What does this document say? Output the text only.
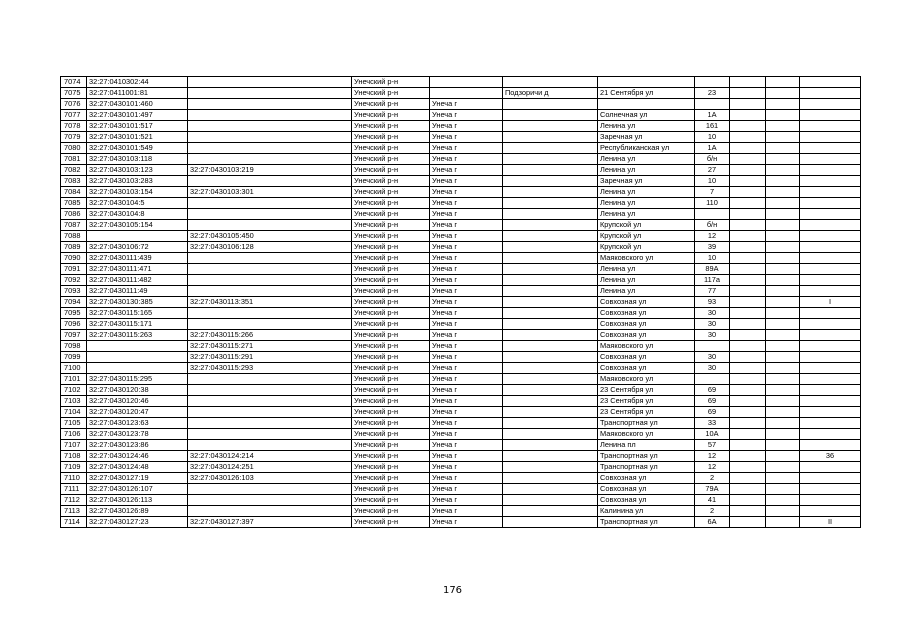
7074	32:27:0410302:44		Унечский р-н							
7075	32:27:0411001:81		Унечский р-н		Подзоричи д	21 Сентября ул	23			
7076	32:27:0430101:460		Унечский р-н	Унеча г						
7077	32:27:0430101:497		Унечский р-н	Унеча г		Солнечная ул	1А			
7078	32:27:0430101:517		Унечский р-н	Унеча г		Ленина ул	161			
7079	32:27:0430101:521		Унечский р-н	Унеча г		Заречная ул	10			
7080	32:27:0430101:549		Унечский р-н	Унеча г		Республиканская ул	1А			
7081	32:27:0430103:118		Унечский р-н	Унеча г		Ленина ул	б/н			
7082	32:27:0430103:123	32:27:0430103:219	Унечский р-н	Унеча г		Ленина ул	27			
7083	32:27:0430103:283		Унечский р-н	Унеча г		Заречная ул	10			
7084	32:27:0430103:154	32:27:0430103:301	Унечский р-н	Унеча г		Ленина ул	7			
7085	32:27:0430104:5		Унечский р-н	Унеча г		Ленина ул	110			
7086	32:27:0430104:8		Унечский р-н	Унеча г		Ленина ул				
7087	32:27:0430105:154		Унечский р-н	Унеча г		Крупской ул	б/н			
7088		32:27:0430105:450	Унечский р-н	Унеча г		Крупской ул	12			
7089	32:27:0430106:72	32:27:0430106:128	Унечский р-н	Унеча г		Крупской ул	39			
7090	32:27:0430111:439		Унечский р-н	Унеча г		Маяковского ул	10			
7091	32:27:0430111:471		Унечский р-н	Унеча г		Ленина ул	89А			
7092	32:27:0430111:482		Унечский р-н	Унеча г		Ленина ул	117а			
7093	32:27:0430111:49		Унечский р-н	Унеча г		Ленина ул	77			
7094	32:27:0430130:385	32:27:0430113:351	Унечский р-н	Унеча г		Совхозная ул	93			I
7095	32:27:0430115:165		Унечский р-н	Унеча г		Совхозная ул	30			
7096	32:27:0430115:171		Унечский р-н	Унеча г		Совхозная ул	30			
7097	32:27:0430115:263	32:27:0430115:266	Унечский р-н	Унеча г		Совхозная ул	30			
7098		32:27:0430115:271	Унечский р-н	Унеча г		Маяковского ул				
7099		32:27:0430115:291	Унечский р-н	Унеча г		Совхозная ул	30			
7100		32:27:0430115:293	Унечский р-н	Унеча г		Совхозная ул	30			
7101	32:27:0430115:295		Унечский р-н	Унеча г		Маяковского ул				
7102	32:27:0430120:38		Унечский р-н	Унеча г		23 Сентября ул	69			
7103	32:27:0430120:46		Унечский р-н	Унеча г		23 Сентября ул	69			
7104	32:27:0430120:47		Унечский р-н	Унеча г		23 Сентября ул	69			
7105	32:27:0430123:63		Унечский р-н	Унеча г		Транспортная ул	33			
7106	32:27:0430123:78		Унечский р-н	Унеча г		Маяковского ул	10А			
7107	32:27:0430123:86		Унечский р-н	Унеча г		Ленина пл	57			
7108	32:27:0430124:46	32:27:0430124:214	Унечский р-н	Унеча г		Транспортная ул	12			36
7109	32:27:0430124:48	32:27:0430124:251	Унечский р-н	Унеча г		Транспортная ул	12			
7110	32:27:0430127:19	32:27:0430126:103	Унечский р-н	Унеча г		Совхозная ул	2			
7111	32:27:0430126:107		Унечский р-н	Унеча г		Совхозная ул	79А			
7112	32:27:0430126:113		Унечский р-н	Унеча г		Совхозная ул	41			
7113	32:27:0430126:89		Унечский р-н	Унеча г		Калинина ул	2			
7114	32:27:0430127:23	32:27:0430127:397	Унечский р-н	Унеча г		Транспортная ул	6А			II
176
